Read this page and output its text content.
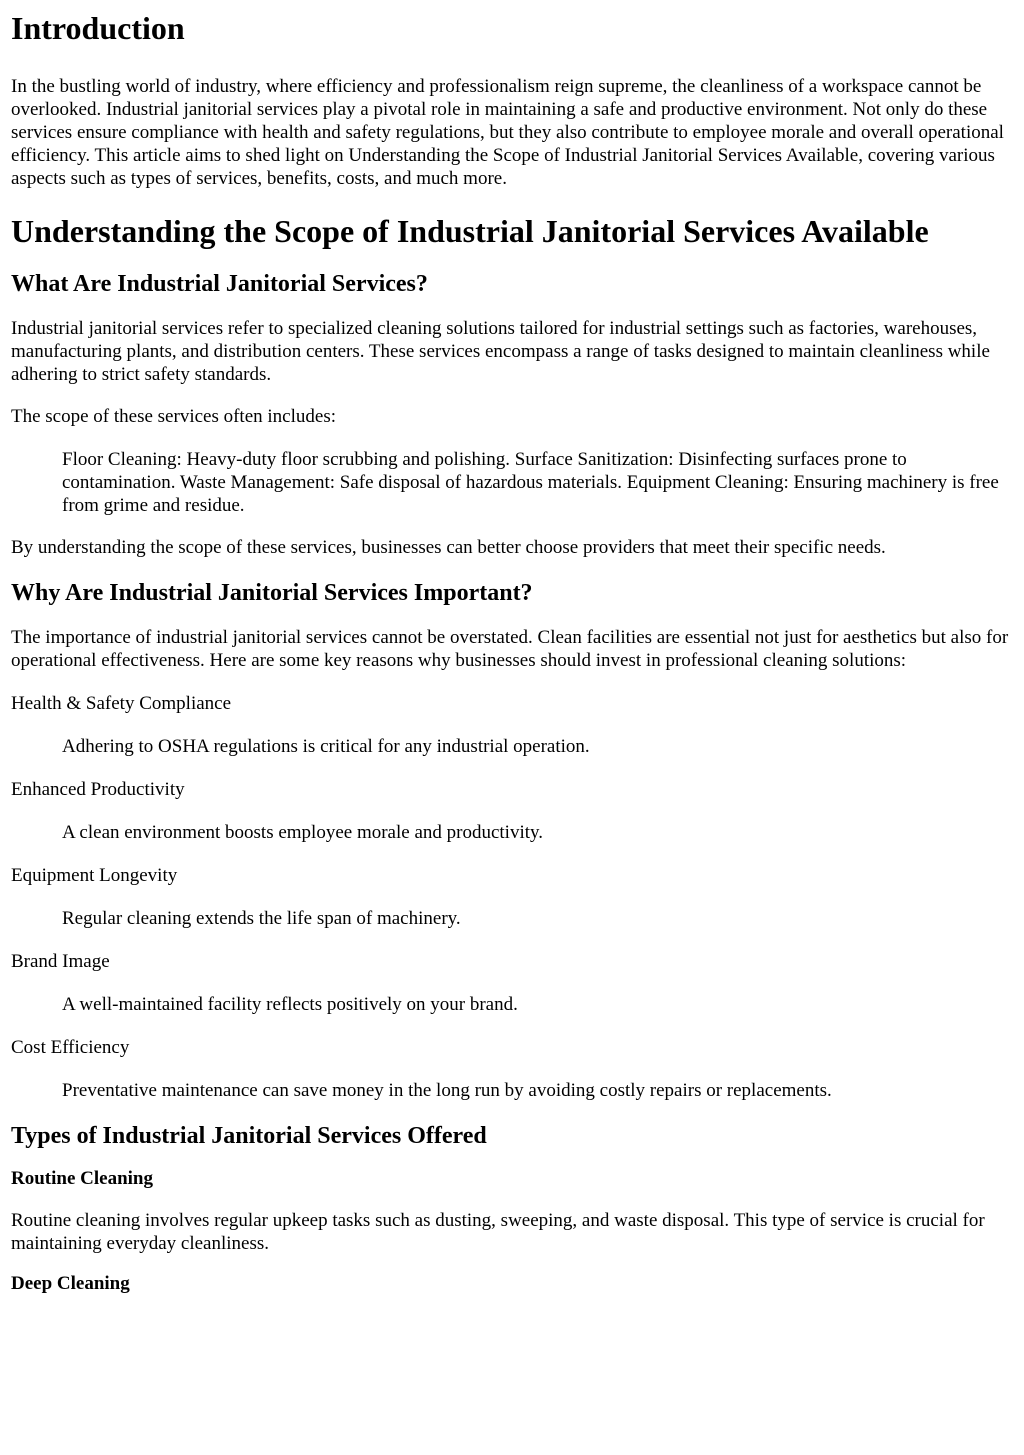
Introduction

In the bustling world of industry, where efficiency and professionalism reign supreme, the cleanliness of a workspace cannot be overlooked. Industrial janitorial services play a pivotal role in maintaining a safe and productive environment. Not only do these services ensure compliance with health and safety regulations, but they also contribute to employee morale and overall operational efficiency. This article aims to shed light on Understanding the Scope of Industrial Janitorial Services Available, covering various aspects such as types of services, benefits, costs, and much more.

Understanding the Scope of Industrial Janitorial Services Available
What Are Industrial Janitorial Services?

Industrial janitorial services refer to specialized cleaning solutions tailored for industrial settings such as factories, warehouses, manufacturing plants, and distribution centers. These services encompass a range of tasks designed to maintain cleanliness while adhering to strict safety standards.

The scope of these services often includes:

Floor Cleaning: Heavy-duty floor scrubbing and polishing. Surface Sanitization: Disinfecting surfaces prone to contamination. Waste Management: Safe disposal of hazardous materials. Equipment Cleaning: Ensuring machinery is free from grime and residue.

By understanding the scope of these services, businesses can better choose providers that meet their specific needs.

Why Are Industrial Janitorial Services Important?

The importance of industrial janitorial services cannot be overstated. Clean facilities are essential not just for aesthetics but also for operational effectiveness. Here are some key reasons why businesses should invest in professional cleaning solutions:

Health & Safety Compliance
Adhering to OSHA regulations is critical for any industrial operation.
Enhanced Productivity
A clean environment boosts employee morale and productivity.
Equipment Longevity
Regular cleaning extends the life span of machinery.
Brand Image
A well-maintained facility reflects positively on your brand.
Cost Efficiency
Preventative maintenance can save money in the long run by avoiding costly repairs or replacements.
Types of Industrial Janitorial Services Offered
Routine Cleaning

Routine cleaning involves regular upkeep tasks such as dusting, sweeping, and waste disposal. This type of service is crucial for maintaining everyday cleanliness.

Deep Cleaning
